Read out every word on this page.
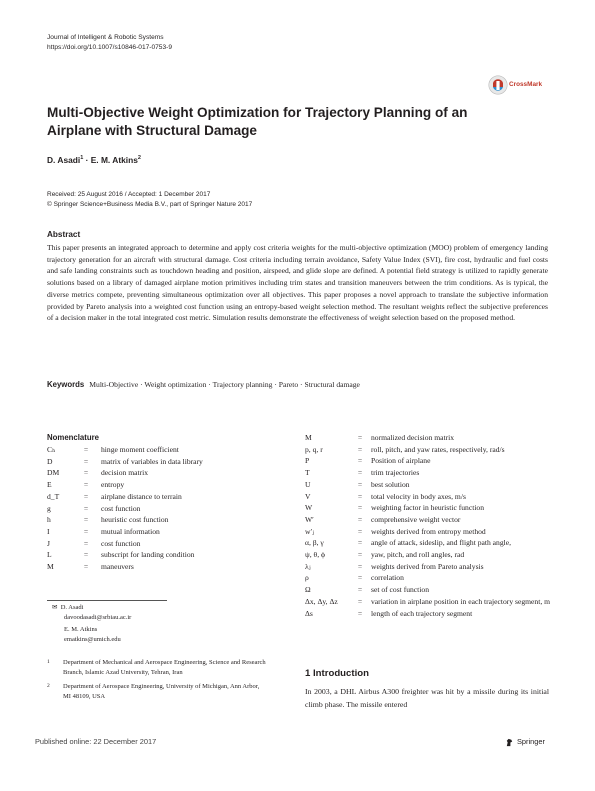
Journal of Intelligent & Robotic Systems
https://doi.org/10.1007/s10846-017-0753-9
CrossMark
Multi-Objective Weight Optimization for Trajectory Planning of an Airplane with Structural Damage
D. Asadi$^1$ · E. M. Atkins$^2$
Received: 25 August 2016 / Accepted: 1 December 2017
© Springer Science+Business Media B.V., part of Springer Nature 2017
Abstract
This paper presents an integrated approach to determine and apply cost criteria weights for the multi-objective optimization (MOO) problem of emergency landing trajectory generation for an aircraft with structural damage. Cost criteria including terrain avoidance, Safety Value Index (SVI), fire cost, hydraulic and fuel costs and safe landing constraints such as touchdown heading and position, airspeed, and glide slope are defined. A potential field strategy is utilized to rapidly generate solutions based on a library of damaged airplane motion primitives including trim states and transition maneuvers between the trim conditions. As is typical, the diverse metrics compete, preventing simultaneous optimization over all objectives. This paper proposes a novel approach to translate the subjective information provided by Pareto analysis into a weighted cost function using an entropy-based weight selection method. The resultant weights reflect the subjective preferences of a decision maker in the total integrated cost metric. Simulation results demonstrate the effectiveness of weight selection based on the proposed method.
Keywords Multi-Objective · Weight optimization · Trajectory planning · Pareto · Structural damage
Nomenclature
Cₕ	=	hinge moment coefficient
D	=	matrix of variables in data library
DM	=	decision matrix
E	=	entropy
d_T	=	airplane distance to terrain
g	=	cost function
h	=	heuristic cost function
I	=	mutual information
J	=	cost function
L	=	subscript for landing condition
M	=	maneuvers
M	=	normalized decision matrix
p, q, r	=	roll, pitch, and yaw rates, respectively, rad/s
P	=	Position of airplane
T	=	trim trajectories
U	=	best solution
V	=	total velocity in body axes, m/s
W	=	weighting factor in heuristic function
W′	=	comprehensive weight vector
w′ⱼ	=	weights derived from entropy method
α, β, γ	=	angle of attack, sideslip, and flight path angle,
ψ, θ, ϕ	=	yaw, pitch, and roll angles, rad
λⱼ	=	weights derived from Pareto analysis
ρ	=	correlation
Ω	=	set of cost function
Δx, Δy, Δz	=	variation in airplane position in each trajectory segment, m
Δs	=	length of each trajectory segment
✉ D. Asadi
davoodasadi@srbiau.ac.ir
E. M. Atkins
ematkins@umich.edu
1	Department of Mechanical and Aerospace Engineering, Science and Research Branch, Islamic Azad University, Tehran, Iran
2	Department of Aerospace Engineering, University of Michigan, Ann Arbor, MI 48109, USA
1 Introduction
In 2003, a DHL Airbus A300 freighter was hit by a missile during its initial climb phase. The missile entered
Published online: 22 December 2017	Springer
